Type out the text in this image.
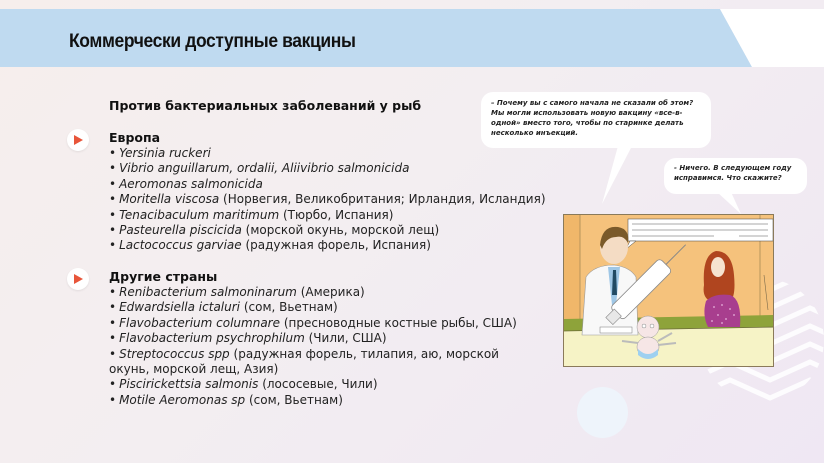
Коммерчески доступные вакцины
Против бактериальных заболеваний у рыб
Европа
• Yersinia ruckeri
• Vibrio anguillarum, ordalii, Aliivibrio salmonicida
• Aeromonas salmonicida
• Moritella viscosa (Норвегия, Великобритания; Ирландия, Исландия)
• Tenacibaculum maritimum (Тюрбо, Испания)
• Pasteurella piscicida (морской окунь, морской лещ)
• Lactococcus garviae (радужная форель, Испания)
Другие страны
• Renibacterium salmoninarum (Америка)
• Edwardsiella ictaluri (сом, Вьетнам)
• Flavobacterium columnare (пресноводные костные рыбы, США)
• Flavobacterium psychrophilum (Чили, США)
• Streptococcus spp (радужная форель, тилапия, аю, морской окунь, морской лещ, Азия)
• Piscirickettsia salmonis (лососевые, Чили)
• Motile Aeromonas sp (сом, Вьетнам)
– Почему вы с самого начала не сказали об этом? Мы могли использовать новую вакцину «все-в-одной» вместо того, чтобы по старинке делать несколько инъекций.
- Ничего. В следующем году исправимся. Что скажите?
